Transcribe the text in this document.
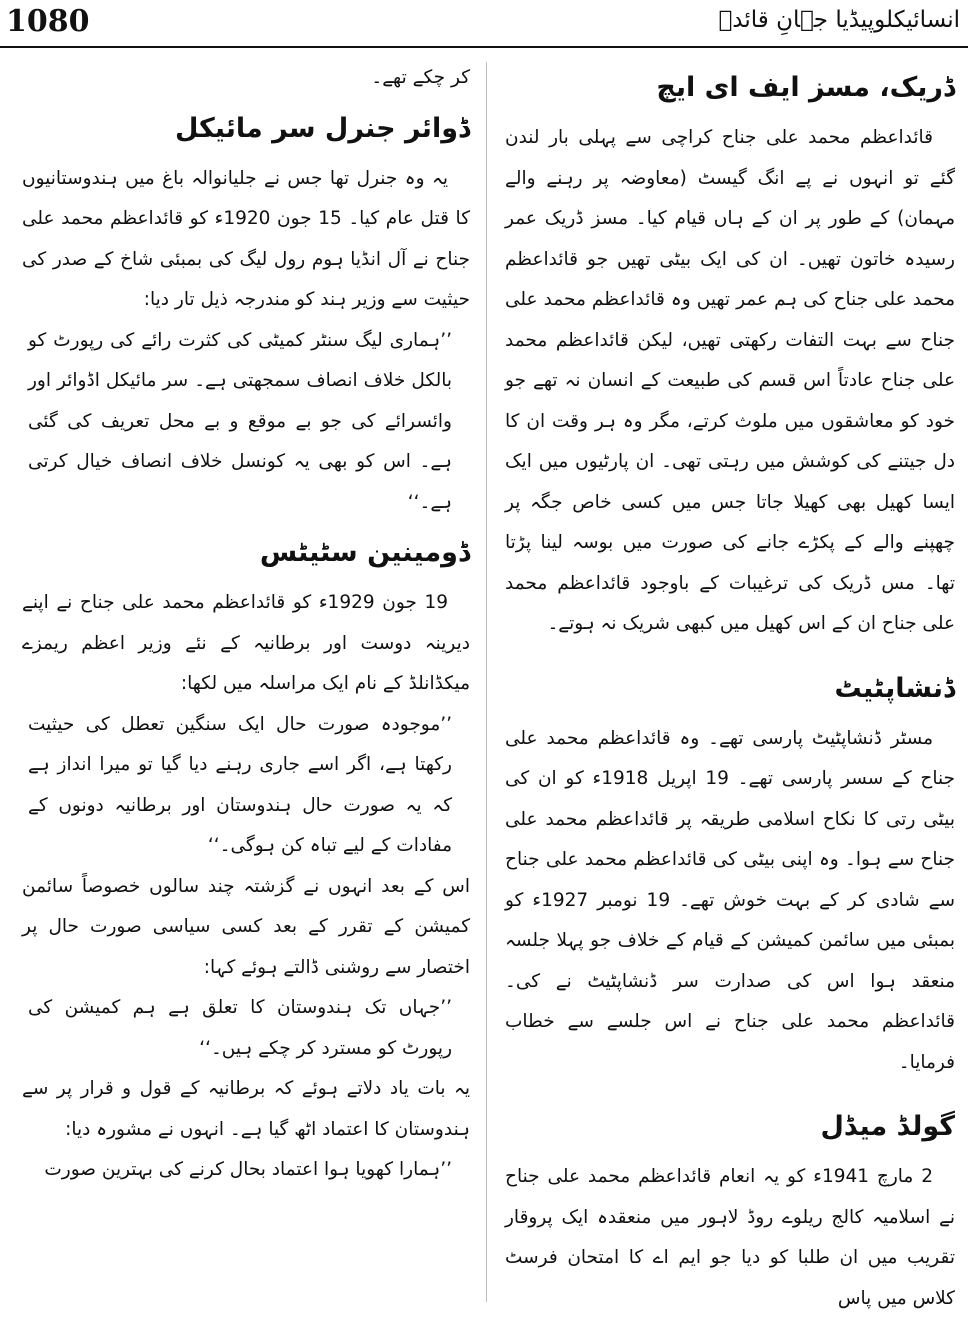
1080	انسائیکلوپیڈیا جہانِ قائدؒ
ڈریک، مسز ایف ای ایچ

قائداعظم محمد علی جناح کراچی سے پہلی بار لندن گئے تو انہوں نے پے انگ گیسٹ (معاوضہ پر رہنے والے مہمان) کے طور پر ان کے ہاں قیام کیا۔ مسز ڈریک عمر رسیدہ خاتون تھیں۔ ان کی ایک بیٹی تھیں جو قائداعظم محمد علی جناح کی ہم عمر تھیں وہ قائداعظم محمد علی جناح سے بہت التفات رکھتی تھیں، لیکن قائداعظم محمد علی جناح عادتاً اس قسم کی طبیعت کے انسان نہ تھے جو خود کو معاشقوں میں ملوث کرتے، مگر وہ ہر وقت ان کا دل جیتنے کی کوشش میں رہتی تھی۔ ان پارٹیوں میں ایک ایسا کھیل بھی کھیلا جاتا جس میں کسی خاص جگہ پر چھپنے والے کے پکڑے جانے کی صورت میں بوسہ لینا پڑتا تھا۔ مس ڈریک کی ترغیبات کے باوجود قائداعظم محمد علی جناح ان کے اس کھیل میں کبھی شریک نہ ہوتے۔

ڈنشاپٹیٹ

مسٹر ڈنشاپٹیٹ پارسی تھے۔ وہ قائداعظم محمد علی جناح کے سسر پارسی تھے۔ 19 اپریل 1918ء کو ان کی بیٹی رتی کا نکاح اسلامی طریقہ پر قائداعظم محمد علی جناح سے ہوا۔ وہ اپنی بیٹی کی قائداعظم محمد علی جناح سے شادی کر کے بہت خوش تھے۔ 19 نومبر 1927ء کو بمبئی میں سائمن کمیشن کے قیام کے خلاف جو پہلا جلسہ منعقد ہوا اس کی صدارت سر ڈنشاپٹیٹ نے کی۔ قائداعظم محمد علی جناح نے اس جلسے سے خطاب فرمایا۔

گولڈ میڈل

2 مارچ 1941ء کو یہ انعام قائداعظم محمد علی جناح نے اسلامیہ کالج ریلوے روڈ لاہور میں منعقدہ ایک پروقار تقریب میں ان طلبا کو دیا جو ایم اے کا امتحان فرسٹ کلاس میں پاس

کر چکے تھے۔

ڈوائر جنرل سر مائیکل

یہ وہ جنرل تھا جس نے جلیانوالہ باغ میں ہندوستانیوں کا قتل عام کیا۔ 15 جون 1920ء کو قائداعظم محمد علی جناح نے آل انڈیا ہوم رول لیگ کی بمبئی شاخ کے صدر کی حیثیت سے وزیر ہند کو مندرجہ ذیل تار دیا:

’’ہماری لیگ سنٹر کمیٹی کی کثرت رائے کی رپورٹ کو بالکل خلاف انصاف سمجھتی ہے۔ سر مائیکل اڈوائر اور وائسرائے کی جو بے موقع و بے محل تعریف کی گئی ہے۔ اس کو بھی یہ کونسل خلاف انصاف خیال کرتی ہے۔‘‘

ڈومینین سٹیٹس

19 جون 1929ء کو قائداعظم محمد علی جناح نے اپنے دیرینہ دوست اور برطانیہ کے نئے وزیر اعظم ریمزے میکڈانلڈ کے نام ایک مراسلہ میں لکھا:

’’موجودہ صورت حال ایک سنگین تعطل کی حیثیت رکھتا ہے، اگر اسے جاری رہنے دیا گیا تو میرا انداز ہے کہ یہ صورت حال ہندوستان اور برطانیہ دونوں کے مفادات کے لیے تباہ کن ہوگی۔‘‘

اس کے بعد انہوں نے گزشتہ چند سالوں خصوصاً سائمن کمیشن کے تقرر کے بعد کسی سیاسی صورت حال پر اختصار سے روشنی ڈالتے ہوئے کہا:

’’جہاں تک ہندوستان کا تعلق ہے ہم کمیشن کی رپورٹ کو مسترد کر چکے ہیں۔‘‘

یہ بات یاد دلاتے ہوئے کہ برطانیہ کے قول و قرار پر سے ہندوستان کا اعتماد اٹھ گیا ہے۔ انہوں نے مشورہ دیا:

’’ہمارا کھویا ہوا اعتماد بحال کرنے کی بہترین صورت
